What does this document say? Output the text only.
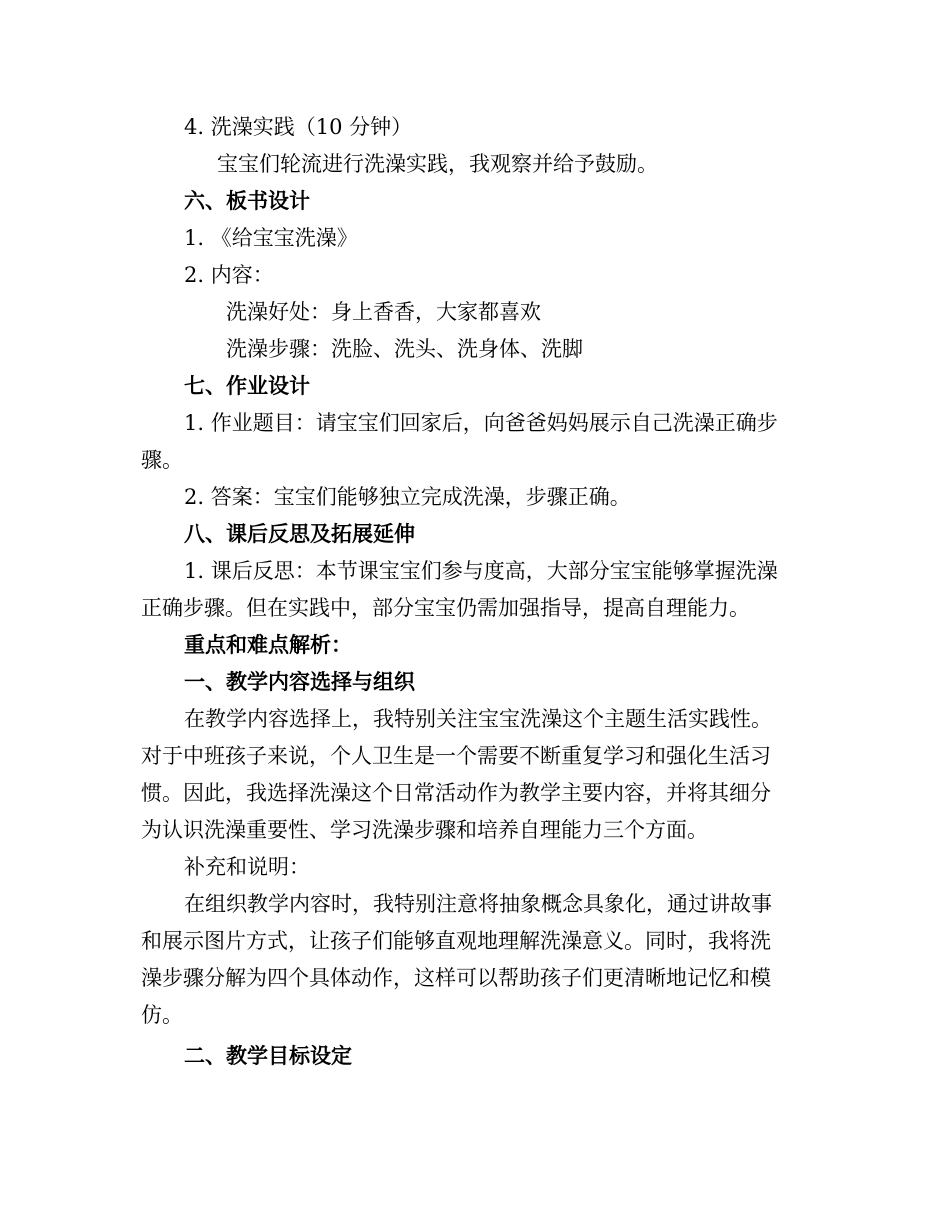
4. 洗澡实践（10 分钟）
宝宝们轮流进行洗澡实践，我观察并给予鼓励。
六、板书设计
1. 《给宝宝洗澡》
2. 内容：
洗澡好处：身上香香，大家都喜欢
洗澡步骤：洗脸、洗头、洗身体、洗脚
七、作业设计
1. 作业题目：请宝宝们回家后，向爸爸妈妈展示自己洗澡正确步
骤。
2. 答案：宝宝们能够独立完成洗澡，步骤正确。
八、课后反思及拓展延伸
1. 课后反思：本节课宝宝们参与度高，大部分宝宝能够掌握洗澡
正确步骤。但在实践中，部分宝宝仍需加强指导，提高自理能力。
重点和难点解析：
一、教学内容选择与组织
在教学内容选择上，我特别关注宝宝洗澡这个主题生活实践性。
对于中班孩子来说，个人卫生是一个需要不断重复学习和强化生活习
惯。因此，我选择洗澡这个日常活动作为教学主要内容，并将其细分
为认识洗澡重要性、学习洗澡步骤和培养自理能力三个方面。
补充和说明：
在组织教学内容时，我特别注意将抽象概念具象化，通过讲故事
和展示图片方式，让孩子们能够直观地理解洗澡意义。同时，我将洗
澡步骤分解为四个具体动作，这样可以帮助孩子们更清晰地记忆和模
仿。
二、教学目标设定
